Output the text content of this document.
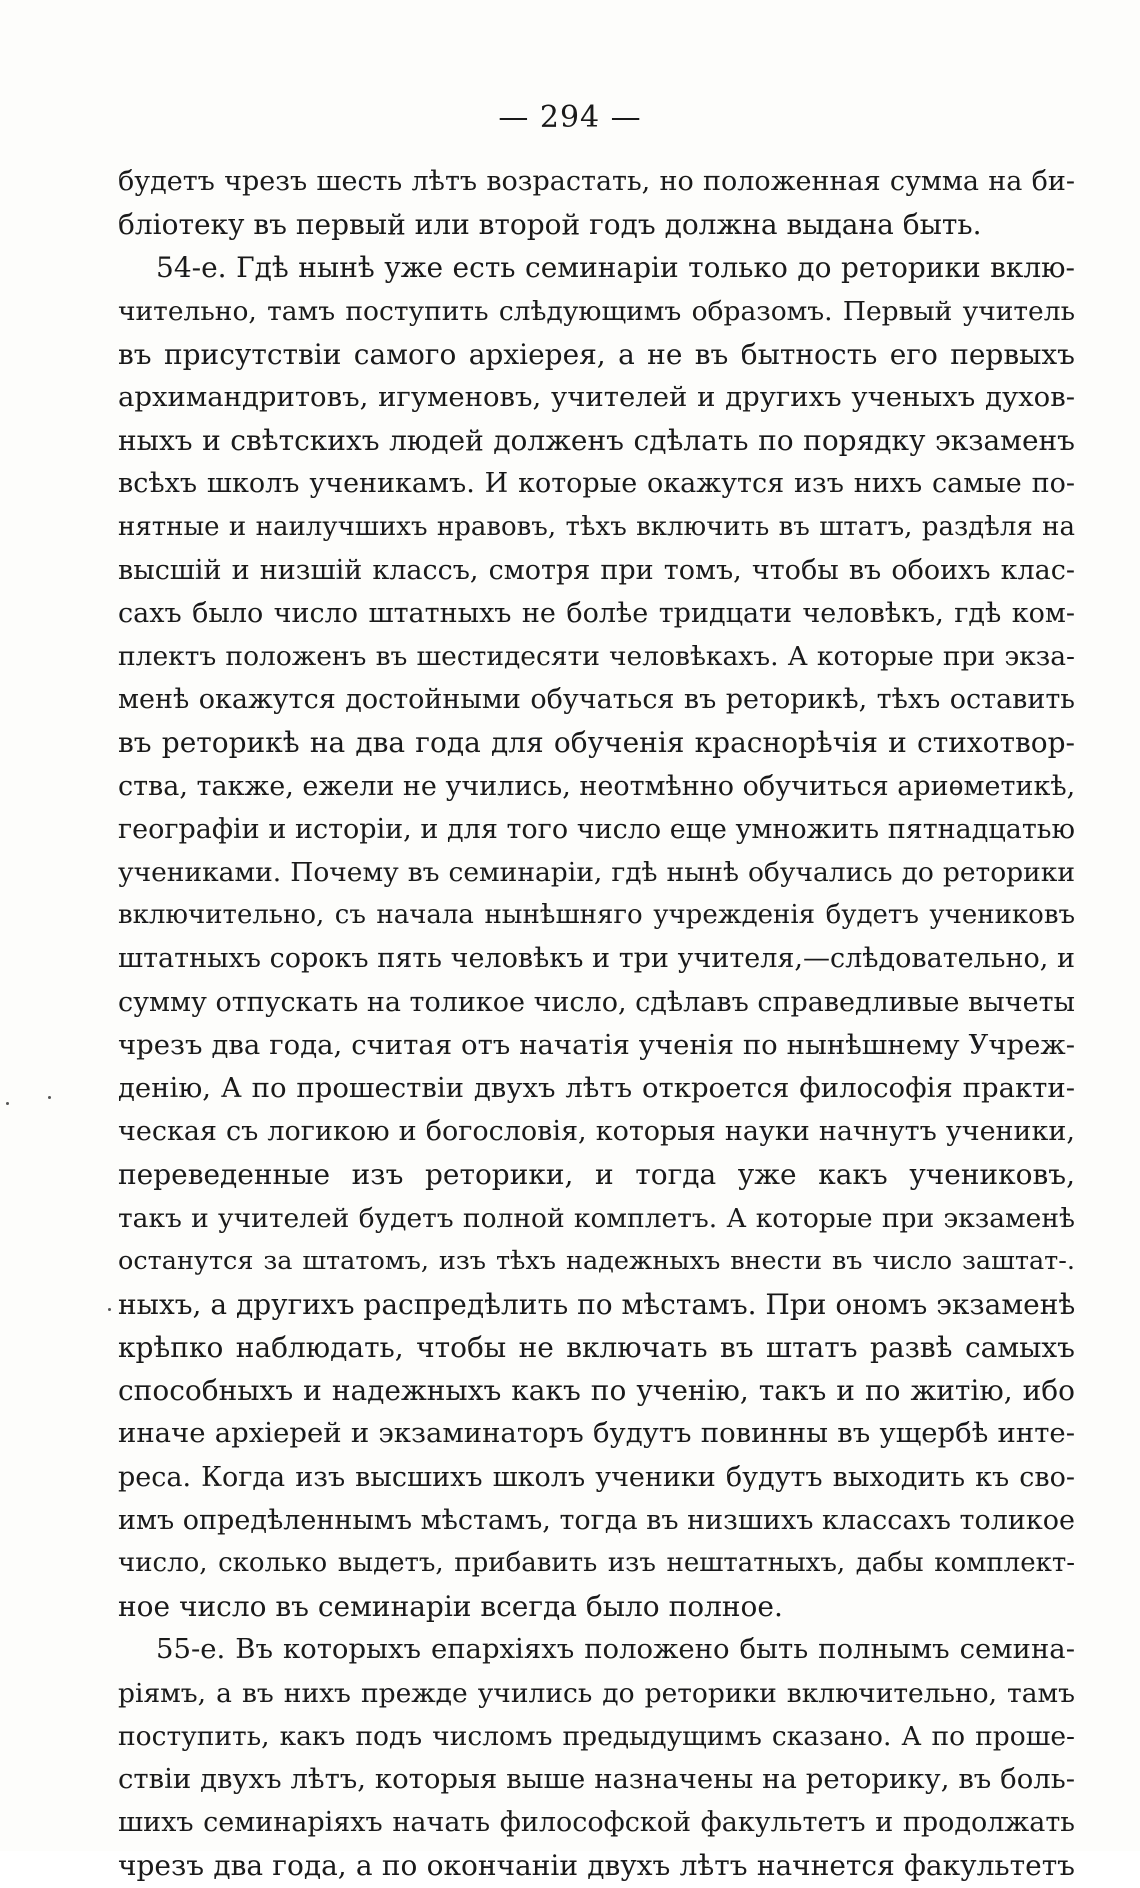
— 294 —
будетъ чрезъ шесть лѣтъ возрастать, но положенная сумма на би-
бліотеку въ первый или второй годъ должна выдана быть.
54-е. Гдѣ нынѣ уже есть семинаріи только до реторики вклю-
чительно, тамъ поступить слѣдующимъ образомъ. Первый учитель
въ присутствіи самого архіерея, а не въ бытность его первыхъ
архимандритовъ, игуменовъ, учителей и другихъ ученыхъ духов-
ныхъ и свѣтскихъ людей долженъ сдѣлать по порядку экзаменъ
всѣхъ школъ ученикамъ. И которые окажутся изъ нихъ самые по-
нятные и наилучшихъ нравовъ, тѣхъ включить въ штатъ, раздѣля на
высшій и низшій классъ, смотря при томъ, чтобы въ обоихъ клас-
сахъ было число штатныхъ не болѣе тридцати человѣкъ, гдѣ ком-
плектъ положенъ въ шестидесяти человѣкахъ. А которые при экза-
менѣ окажутся достойными обучаться въ реторикѣ, тѣхъ оставить
въ реторикѣ на два года для обученія краснорѣчія и стихотвор-
ства, также, ежели не учились, неотмѣнно обучиться ариѳметикѣ,
географіи и исторіи, и для того число еще умножить пятнадцатью
учениками. Почему въ семинаріи, гдѣ нынѣ обучались до реторики
включительно, съ начала нынѣшняго учрежденія будетъ учениковъ
штатныхъ сорокъ пять человѣкъ и три учителя,—слѣдовательно, и
сумму отпускать на толикое число, сдѣлавъ справедливые вычеты
чрезъ два года, считая отъ начатія ученія по нынѣшнему Учреж-
денію, А по прошествіи двухъ лѣтъ откроется философія практи-
ческая съ логикою и богословія, которыя науки начнутъ ученики,
переведенные изъ реторики, и тогда уже какъ учениковъ,
такъ и учителей будетъ полной комплетъ. А которые при экзаменѣ
останутся за штатомъ, изъ тѣхъ надежныхъ внести въ число заштат-.
ныхъ, а другихъ распредѣлить по мѣстамъ. При ономъ экзаменѣ
крѣпко наблюдать, чтобы не включать въ штатъ развѣ самыхъ
способныхъ и надежныхъ какъ по ученію, такъ и по житію, ибо
иначе архіерей и экзаминаторъ будутъ повинны въ ущербѣ инте-
реса. Когда изъ высшихъ школъ ученики будутъ выходить къ сво-
имъ опредѣленнымъ мѣстамъ, тогда въ низшихъ классахъ толикое
число, сколько выдетъ, прибавить изъ нештатныхъ, дабы комплект-
ное число въ семинаріи всегда было полное.
55-е. Въ которыхъ епархіяхъ положено быть полнымъ семина-
ріямъ, а въ нихъ прежде учились до реторики включительно, тамъ
поступить, какъ подъ числомъ предыдущимъ сказано. А по проше-
ствіи двухъ лѣтъ, которыя выше назначены на реторику, въ боль-
шихъ семинаріяхъ начать философской факультетъ и продолжать
чрезъ два года, а по окончаніи двухъ лѣтъ начнется факультетъ
